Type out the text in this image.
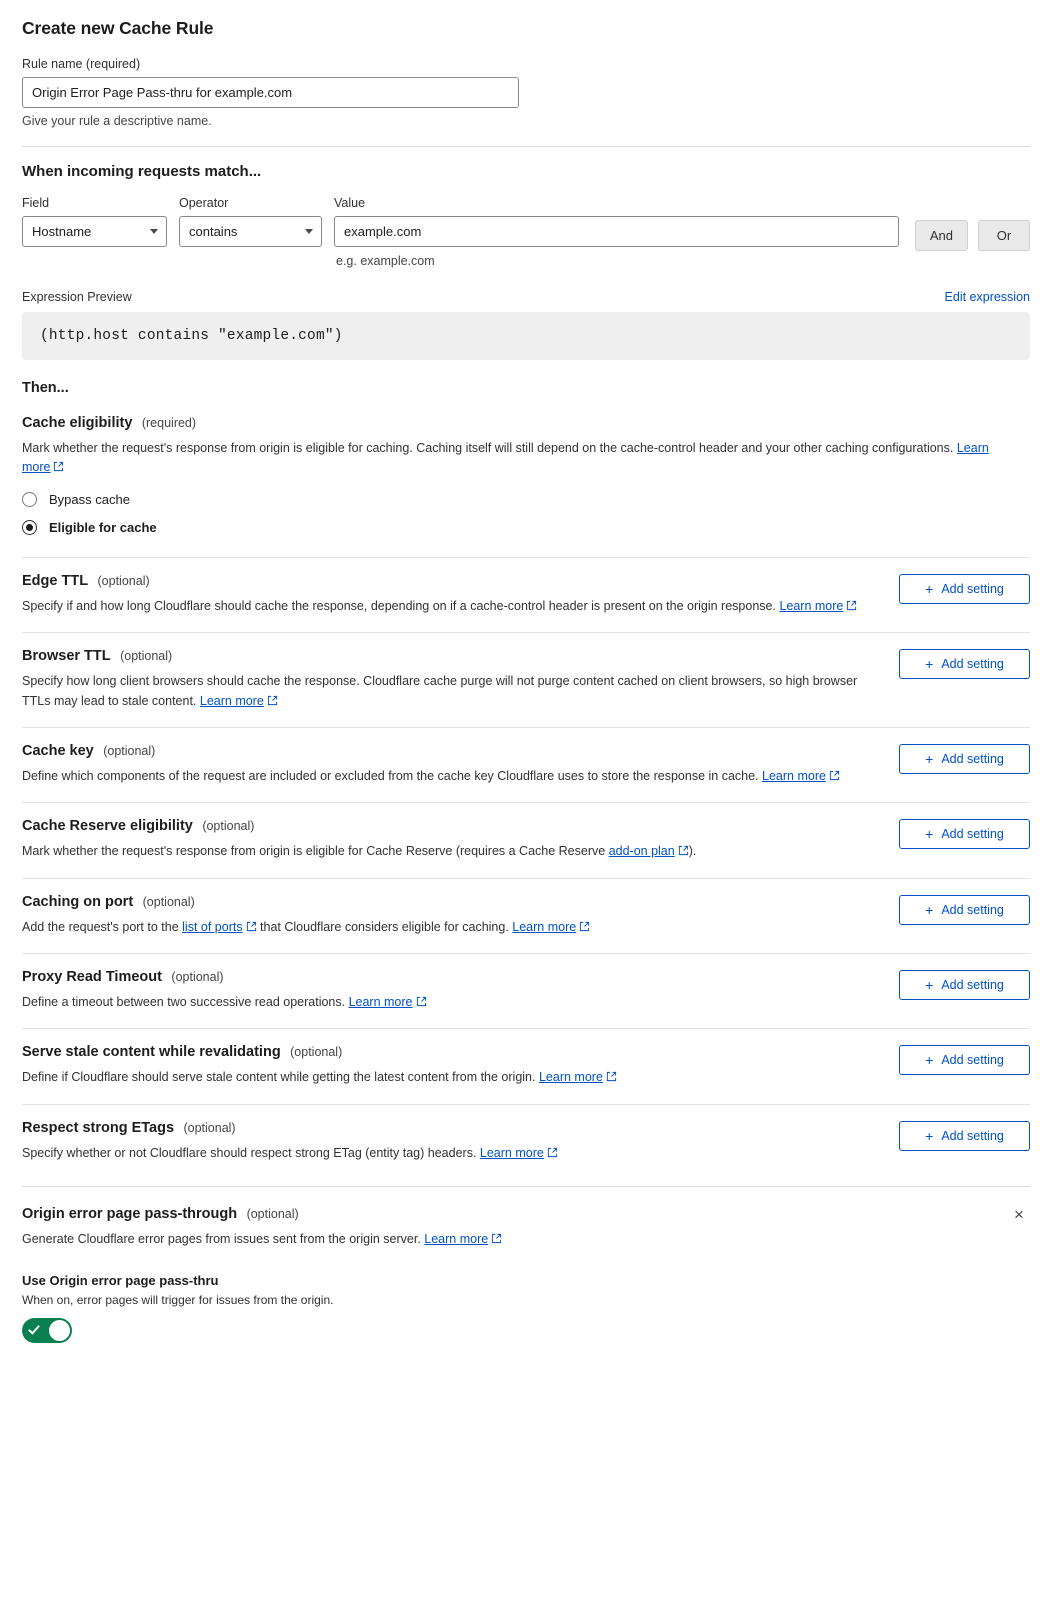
Create new Cache Rule
Rule name (required)
Origin Error Page Pass-thru for example.com
Give your rule a descriptive name.
When incoming requests match...
Field
Hostname
Operator
contains
Value
example.com
e.g. example.com
And	Or
Expression Preview	Edit expression
(http.host contains "example.com")
Then...
Cache eligibility (required)
Mark whether the request's response from origin is eligible for caching. Caching itself will still depend on the cache-control header and your other caching configurations. Learn more
Bypass cache
Eligible for cache
Edge TTL (optional)
Specify if and how long Cloudflare should cache the response, depending on if a cache-control header is present on the origin response. Learn more
+ Add setting
Browser TTL (optional)
Specify how long client browsers should cache the response. Cloudflare cache purge will not purge content cached on client browsers, so high browser TTLs may lead to stale content. Learn more
+ Add setting
Cache key (optional)
Define which components of the request are included or excluded from the cache key Cloudflare uses to store the response in cache. Learn more
+ Add setting
Cache Reserve eligibility (optional)
Mark whether the request's response from origin is eligible for Cache Reserve (requires a Cache Reserve add-on plan ).
+ Add setting
Caching on port (optional)
Add the request's port to the list of ports that Cloudflare considers eligible for caching. Learn more
+ Add setting
Proxy Read Timeout (optional)
Define a timeout between two successive read operations. Learn more
+ Add setting
Serve stale content while revalidating (optional)
Define if Cloudflare should serve stale content while getting the latest content from the origin. Learn more
+ Add setting
Respect strong ETags (optional)
Specify whether or not Cloudflare should respect strong ETag (entity tag) headers. Learn more
+ Add setting
×
Origin error page pass-through (optional)
Generate Cloudflare error pages from issues sent from the origin server. Learn more
Use Origin error page pass-thru
When on, error pages will trigger for issues from the origin.
